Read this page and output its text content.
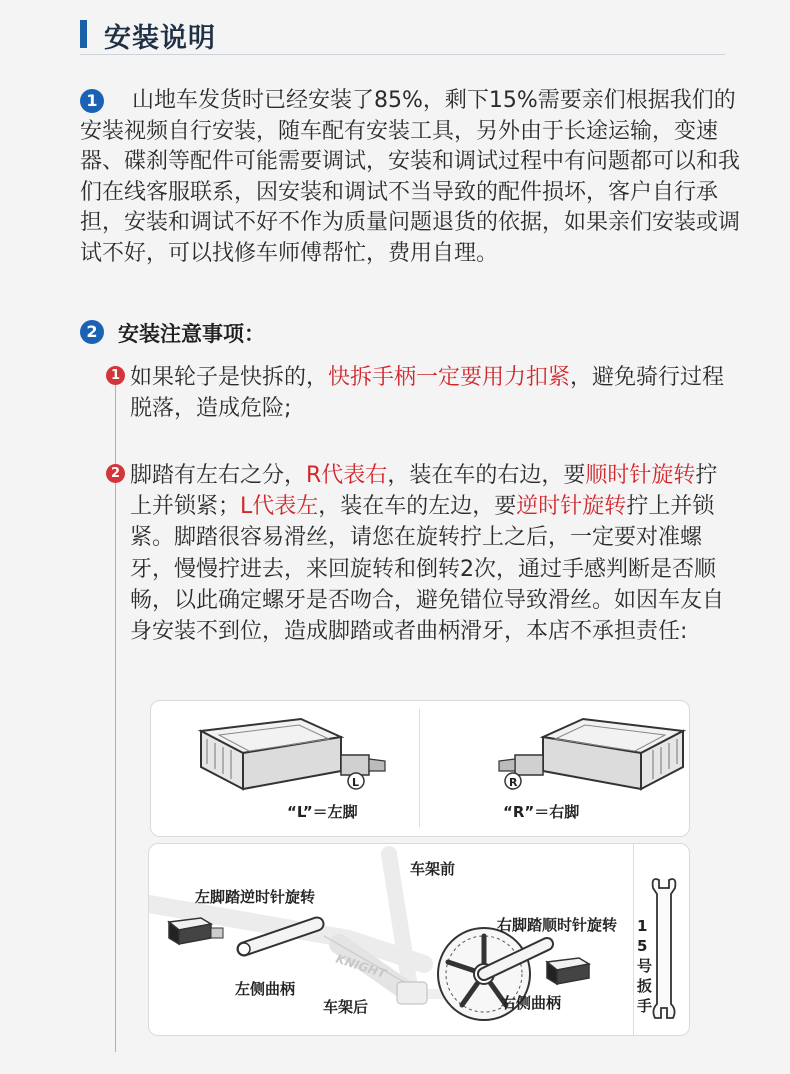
安装说明
1	山地车发货时已经安装了85%，剩下15%需要亲们根据我们的安装视频自行安装，随车配有安装工具，另外由于长途运输，变速器、碟刹等配件可能需要调试，安装和调试过程中有问题都可以和我们在线客服联系，因安装和调试不当导致的配件损坏，客户自行承担，安装和调试不好不作为质量问题退货的依据，如果亲们安装或调试不好，可以找修车师傅帮忙，费用自理。
2 安装注意事项：
1 如果轮子是快拆的，快拆手柄一定要用力扣紧，避免骑行过程脱落，造成危险;
2 脚踏有左右之分，R代表右，装在车的右边，要顺时针旋转拧上并锁紧；L代表左，装在车的左边，要逆时针旋转拧上并锁紧。脚踏很容易滑丝，请您在旋转拧上之后，一定要对准螺牙，慢慢拧进去，来回旋转和倒转2次，通过手感判断是否顺畅，以此确定螺牙是否吻合，避免错位导致滑丝。如因车友自身安装不到位，造成脚踏或者曲柄滑牙，本店不承担责任:
L
“L”＝左脚
R
“R”＝右脚
KNIGHT
车架前
左脚踏逆时针旋转
右脚踏顺时针旋转
左侧曲柄
车架后	右侧曲柄
15号扳手
